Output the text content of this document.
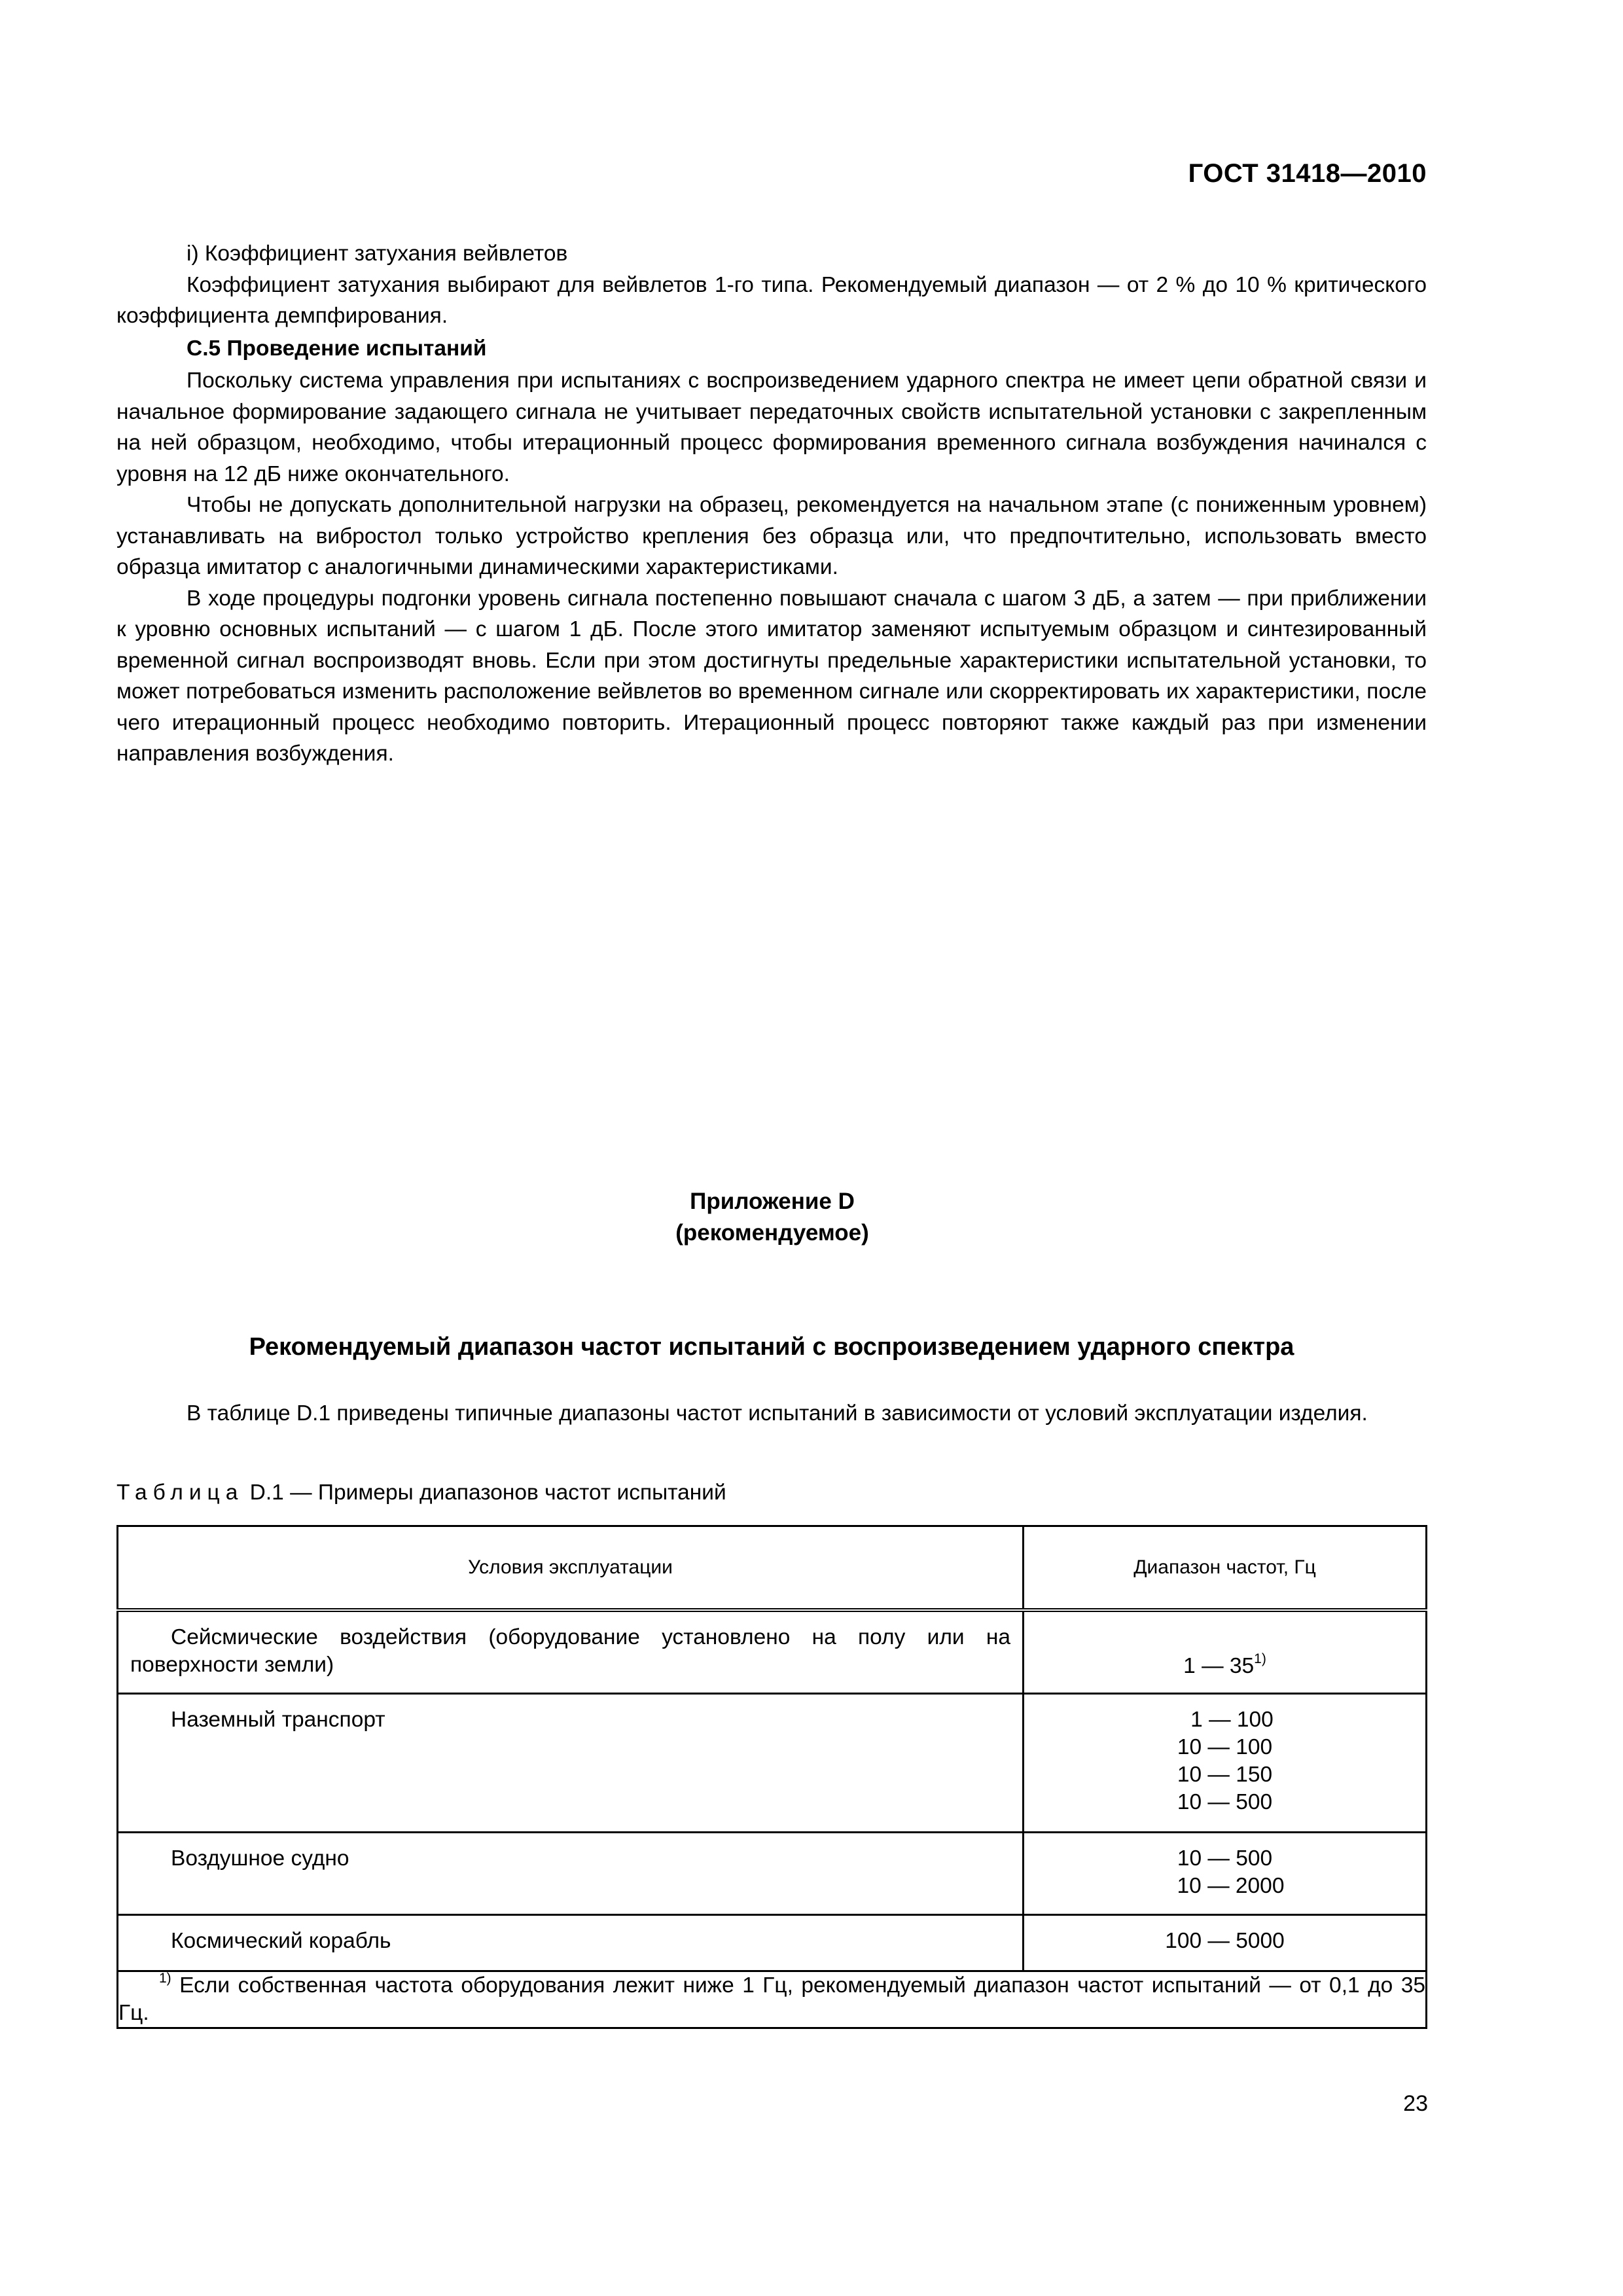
ГОСТ 31418—2010

i) Коэффициент затухания вейвлетов

Коэффициент затухания выбирают для вейвлетов 1-го типа. Рекомендуемый диапазон — от 2 % до 10 % критического коэффициента демпфирования.

С.5 Проведение испытаний

Поскольку система управления при испытаниях с воспроизведением ударного спектра не имеет цепи обратной связи и начальное формирование задающего сигнала не учитывает передаточных свойств испытательной установки с закрепленным на ней образцом, необходимо, чтобы итерационный процесс формирования временного сигнала возбуждения начинался с уровня на 12 дБ ниже окончательного.

Чтобы не допускать дополнительной нагрузки на образец, рекомендуется на начальном этапе (с пониженным уровнем) устанавливать на вибростол только устройство крепления без образца или, что предпочтительно, использовать вместо образца имитатор с аналогичными динамическими характеристиками.

В ходе процедуры подгонки уровень сигнала постепенно повышают сначала с шагом 3 дБ, а затем — при приближении к уровню основных испытаний — с шагом 1 дБ. После этого имитатор заменяют испытуемым образцом и синтезированный временной сигнал воспроизводят вновь. Если при этом достигнуты предельные характеристики испытательной установки, то может потребоваться изменить расположение вейвлетов во временном сигнале или скорректировать их характеристики, после чего итерационный процесс необходимо повторить. Итерационный процесс повторяют также каждый раз при изменении направления возбуждения.

Приложение D
(рекомендуемое)
Рекомендуемый диапазон частот испытаний с воспроизведением ударного спектра

В таблице D.1 приведены типичные диапазоны частот испытаний в зависимости от условий эксплуатации изделия.

Таблица D.1 — Примеры диапазонов частот испытаний
Условия эксплуатации	Диапазон частот, Гц

Сейсмические воздействия (оборудование установлено на полу или на поверхности земли)	1 — 35$^{1)}$

Наземный транспорт	1 — 100
10 — 100
10 — 150
10 — 500

Воздушное судно	10 — 500
10 — 2000

Космический корабль	100 — 5000

$^{1)}$ Если собственная частота оборудования лежит ниже 1 Гц, рекомендуемый диапазон частот испытаний — от 0,1 до 35 Гц.	
23
